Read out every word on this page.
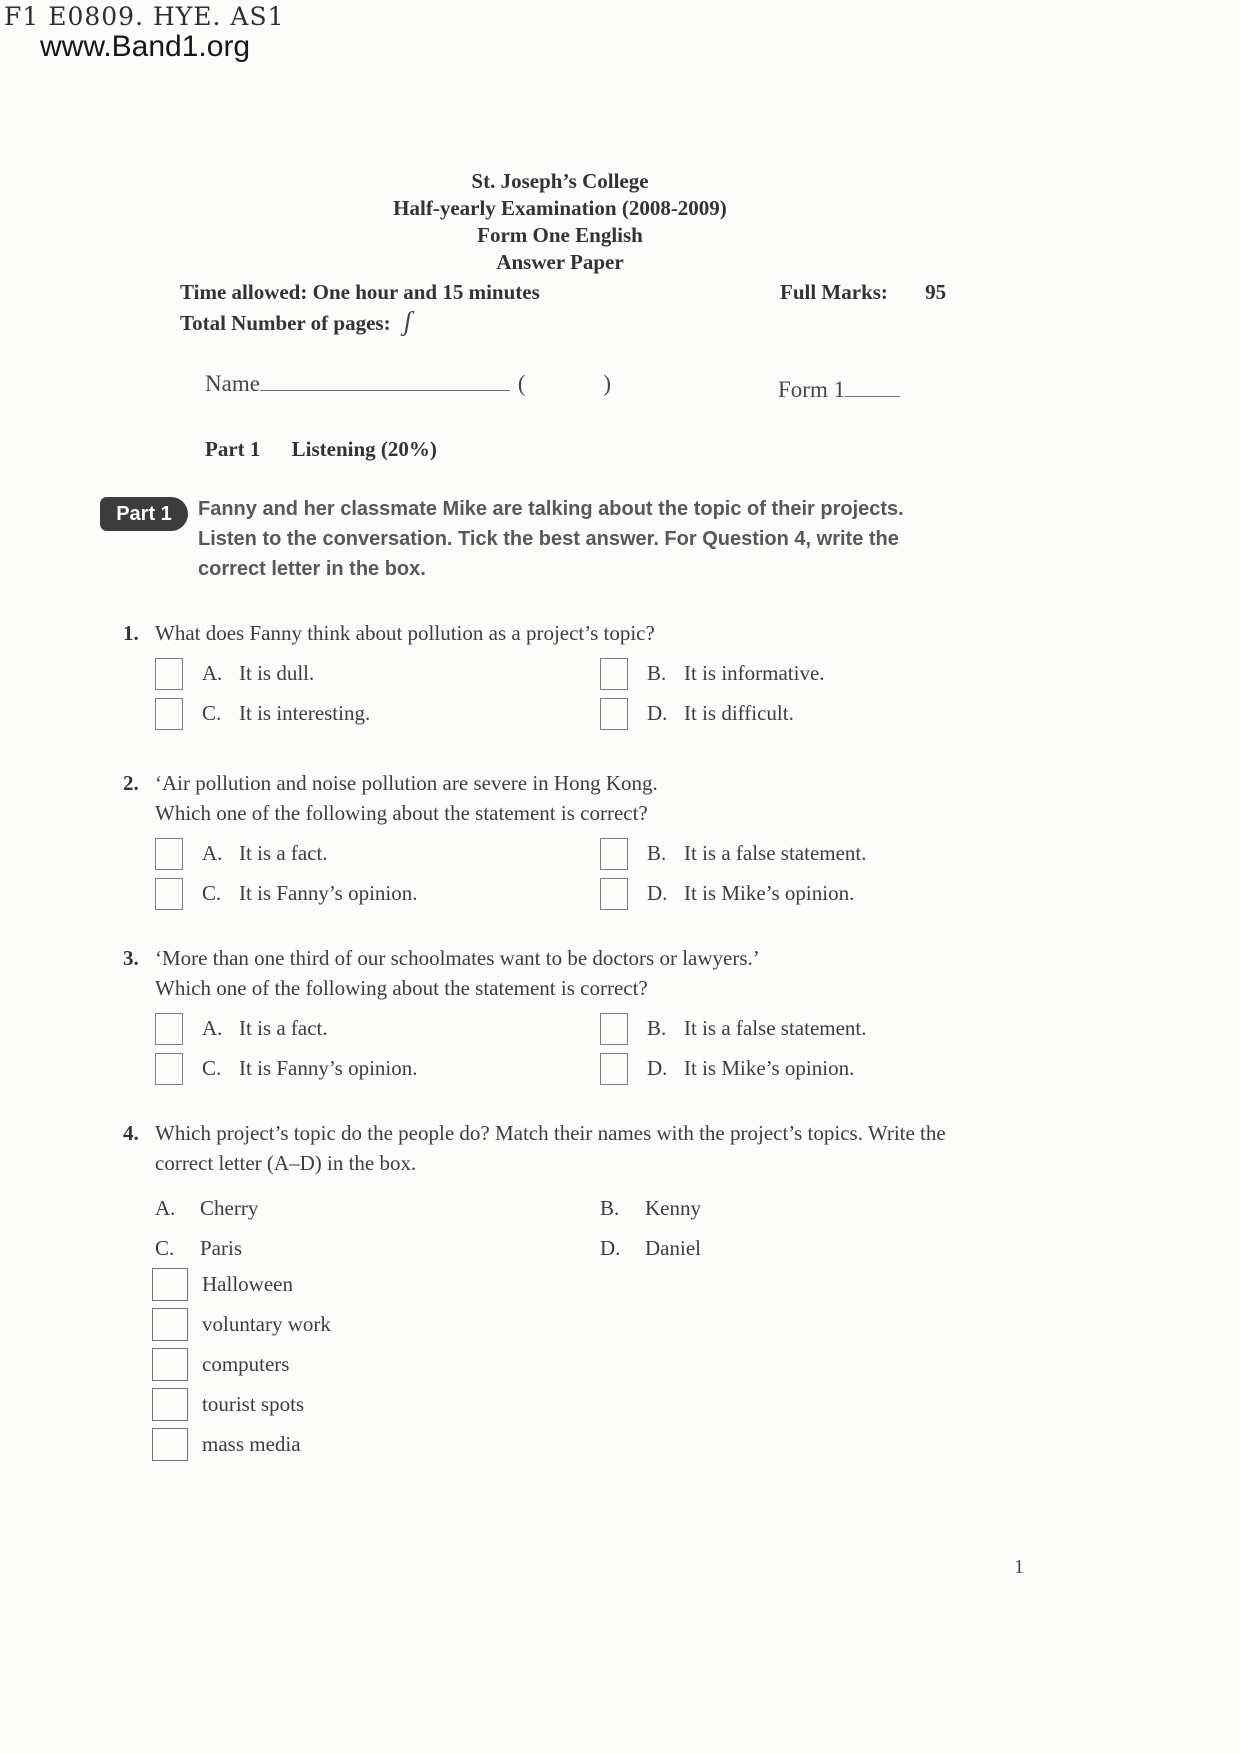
F1 E0809. HYE. AS1
www.Band1.org
St. Joseph’s College
Half-yearly Examination (2008-2009)
Form One English
Answer Paper
Time allowed: One hour and 15 minutes	Full Marks: 95
Total Number of pages: ʃ
Name	( )	Form 1
Part 1 Listening (20%)
Part 1	Fanny and her classmate Mike are talking about the topic of their projects.
Listen to the conversation. Tick the best answer. For Question 4, write the
correct letter in the box.
1. What does Fanny think about pollution as a project’s topic?
A. It is dull.	B. It is informative.
C. It is interesting.	D. It is difficult.
2. ‘Air pollution and noise pollution are severe in Hong Kong.
Which one of the following about the statement is correct?
A. It is a fact.	B. It is a false statement.
C. It is Fanny’s opinion.	D. It is Mike’s opinion.
3. ‘More than one third of our schoolmates want to be doctors or lawyers.’
Which one of the following about the statement is correct?
A. It is a fact.	B. It is a false statement.
C. It is Fanny’s opinion.	D. It is Mike’s opinion.
4. Which project’s topic do the people do? Match their names with the project’s topics. Write the
correct letter (A–D) in the box.
A.	Cherry	B.	Kenny
C.	Paris	D.	Daniel
Halloween
voluntary work
computers
tourist spots
mass media
1
